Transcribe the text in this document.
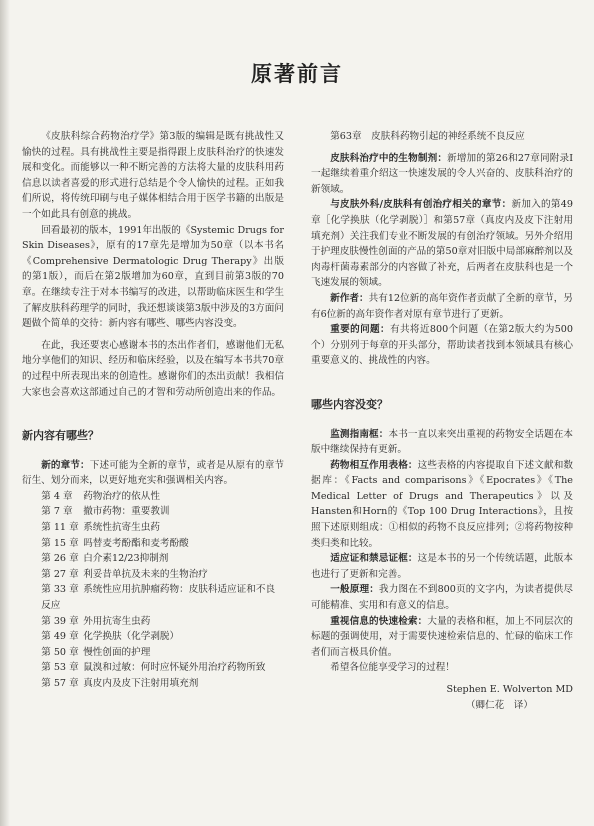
原著前言

《皮肤科综合药物治疗学》第3版的编辑是既有挑战性又愉快的过程。具有挑战性主要是指得跟上皮肤科治疗的快速发展和变化。而能够以一种不断完善的方法将大量的皮肤科用药信息以读者喜爱的形式进行总结是个令人愉快的过程。正如我们所说，将传统印刷与电子媒体相结合用于医学书籍的出版是一个如此具有创意的挑战。

回看最初的版本，1991年出版的《Systemic Drugs for Skin Diseases》，原有的17章先是增加为50章（以本书名《Comprehensive Dermatologic Drug Therapy》出版的第1版），而后在第2版增加为60章，直到目前第3版的70章。在继续专注于对本书编写的改进，以帮助临床医生和学生了解皮肤科药理学的同时，我还想谈谈第3版中涉及的3方面问题做个简单的交待：新内容有哪些、哪些内容没变。

在此，我还要衷心感谢本书的杰出作者们，感谢他们无私地分享他们的知识、经历和临床经验，以及在编写本书共70章的过程中所表现出来的创造性。感谢你们的杰出贡献！我相信大家也会喜欢这部通过自己的才智和劳动所创造出来的作品。

新内容有哪些？

新的章节：下述可能为全新的章节，或者是从原有的章节衍生、划分而来，以更好地充实和强调相关内容。

第 4 章 药物治疗的依从性
第 7 章 撤市药物：重要教训
第 11 章 系统性抗寄生虫药
第 15 章 吗替麦考酚酯和麦考酚酸
第 26 章 白介素12/23抑制剂
第 27 章 利妥昔单抗及未来的生物治疗
第 33 章 系统性应用抗肿瘤药物：皮肤科适应证和不良反应
第 39 章 外用抗寄生虫药
第 49 章 化学换肤（化学剥脱）
第 50 章 慢性创面的护理
第 53 章 鼠溴和过敏：何时应怀疑外用治疗药物所致
第 57 章 真皮内及皮下注射用填充剂

第63章　皮肤科药物引起的神经系统不良反应

皮肤科治疗中的生物制剂：新增加的第26和27章同附录Ⅰ一起继续着重介绍这一快速发展的令人兴奋的、皮肤科治疗的新领域。

与皮肤外科/皮肤科有创治疗相关的章节：新加入的第49章［化学换肤（化学剥脱）］和第57章（真皮内及皮下注射用填充剂）关注我们专业不断发展的有创治疗领域。另外介绍用于护理皮肤慢性创面的产品的第50章对旧版中局部麻醉剂以及肉毒杆菌毒素部分的内容做了补充，后两者在皮肤科也是一个飞速发展的领域。

新作者：共有12位新的高年资作者贡献了全新的章节，另有6位新的高年资作者对原有章节进行了更新。

重要的问题：有共将近800个问题（在第2版大约为500个）分别列于每章的开头部分，帮助读者找到本领域具有核心重要意义的、挑战性的内容。

哪些内容没变？

监测指南框：本书一直以来突出重视的药物安全话题在本版中继续保持有更新。

药物相互作用表格：这些表格的内容提取自下述文献和数据库：《Facts and comparisons》《Epocrates》《The Medical Letter of Drugs and Therapeutics》以及Hansten和Horn的《Top 100 Drug Interactions》，且按照下述原则组成：①相似的药物不良反应排列；②将药物按种类归类和比较。

适应证和禁忌证框：这是本书的另一个传统话题，此版本也进行了更新和完善。

一般原理：我力图在不到800页的文字内，为读者提供尽可能精准、实用和有意义的信息。

重视信息的快速检索：大量的表格和框，加上不同层次的标题的强调使用，对于需要快速检索信息的、忙碌的临床工作者们而言极具价值。

希望各位能享受学习的过程！

Stephen E. Wolverton MD
（卿仁花　译）
